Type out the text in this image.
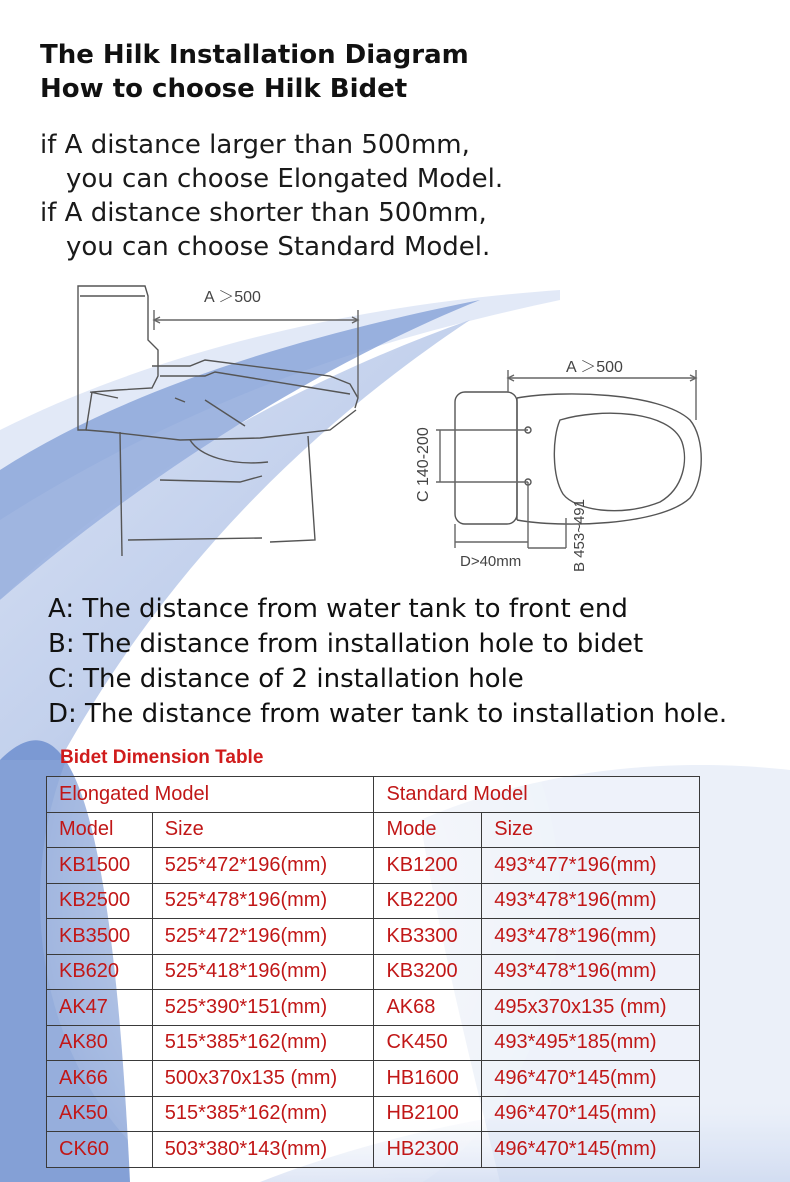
The Hilk Installation Diagram
How to choose Hilk Bidet
if A distance larger than 500mm,
you can choose Elongated Model.
if A distance shorter than 500mm,
you can choose Standard Model.
A ＞500
A ＞500
C 140-200
D>40mm	B 453~491
A: The distance from water tank to front end
B: The distance from installation hole to bidet
C: The distance of 2 installation hole
D: The distance from water tank to installation hole.
Bidet Dimension Table
Elongated Model		Standard Model	
Model	Size	Mode	Size
KB1500	525*472*196(mm)	KB1200	493*477*196(mm)
KB2500	525*478*196(mm)	KB2200	493*478*196(mm)
KB3500	525*472*196(mm)	KB3300	493*478*196(mm)
KB620	525*418*196(mm)	KB3200	493*478*196(mm)
AK47	525*390*151(mm)	AK68	495x370x135 (mm)
AK80	515*385*162(mm)	CK450	493*495*185(mm)
AK66	500x370x135 (mm)	HB1600	496*470*145(mm)
AK50	515*385*162(mm)	HB2100	496*470*145(mm)
CK60	503*380*143(mm)	HB2300	496*470*145(mm)
